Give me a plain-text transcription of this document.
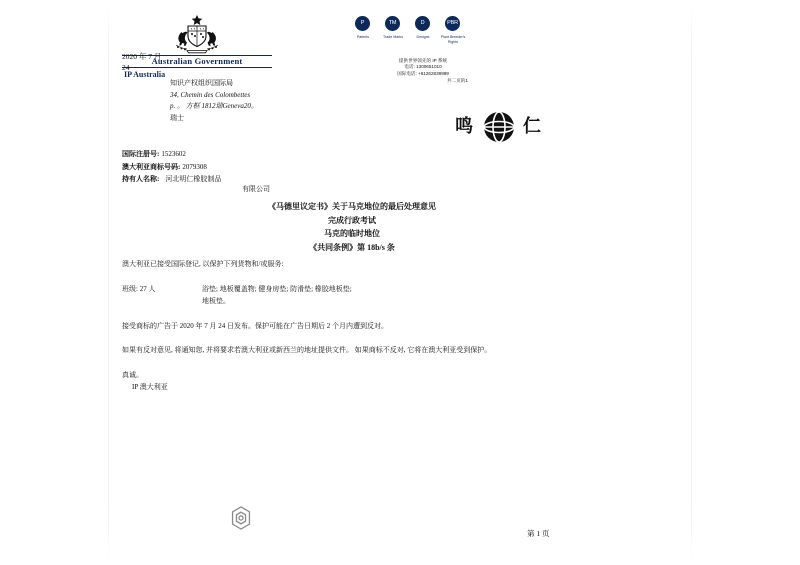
Australian Government
IP Australia
P	TM	D	PBR
Patents	Trade Marks	Designs	Plant Breeder's Rights
提供世界领先的 IP 系统
电话: 1300651010
国际电话: +61262839999
共二页的1
2020 年 7 月
24
知识产权组织国际局
34, Chemin des Colombettes
p. 。 方框 1812瑞Geneva20。
瑞士	鸣	仁
国际注册号: 1523602
澳大利亚商标号码: 2079308
持有人名称: 河北明仁橡胶制品
有限公司
《马德里议定书》关于马克地位的最后处理意见
完成行政考试
马克的临时地位
《共同条例》第 18b/s 条

澳大利亚已接受国际登记, 以保护下列货物和/或服务:

班级: 27 人	浴垫; 地板覆盖物; 健身房垫; 防滑垫; 橡胶地板垫;
地板垫。

接受商标的广告于 2020 年 7 月 24 日发布。保护可能在广告日期后 2 个月内遭到反对。

如果有反对意见, 将通知您, 并将要求若澳大利亚或新西兰的地址提供文件。 如果商标不反对, 它将在澳大利亚受到保护。

真诚。
IP 澳大利亚
第 1 页
